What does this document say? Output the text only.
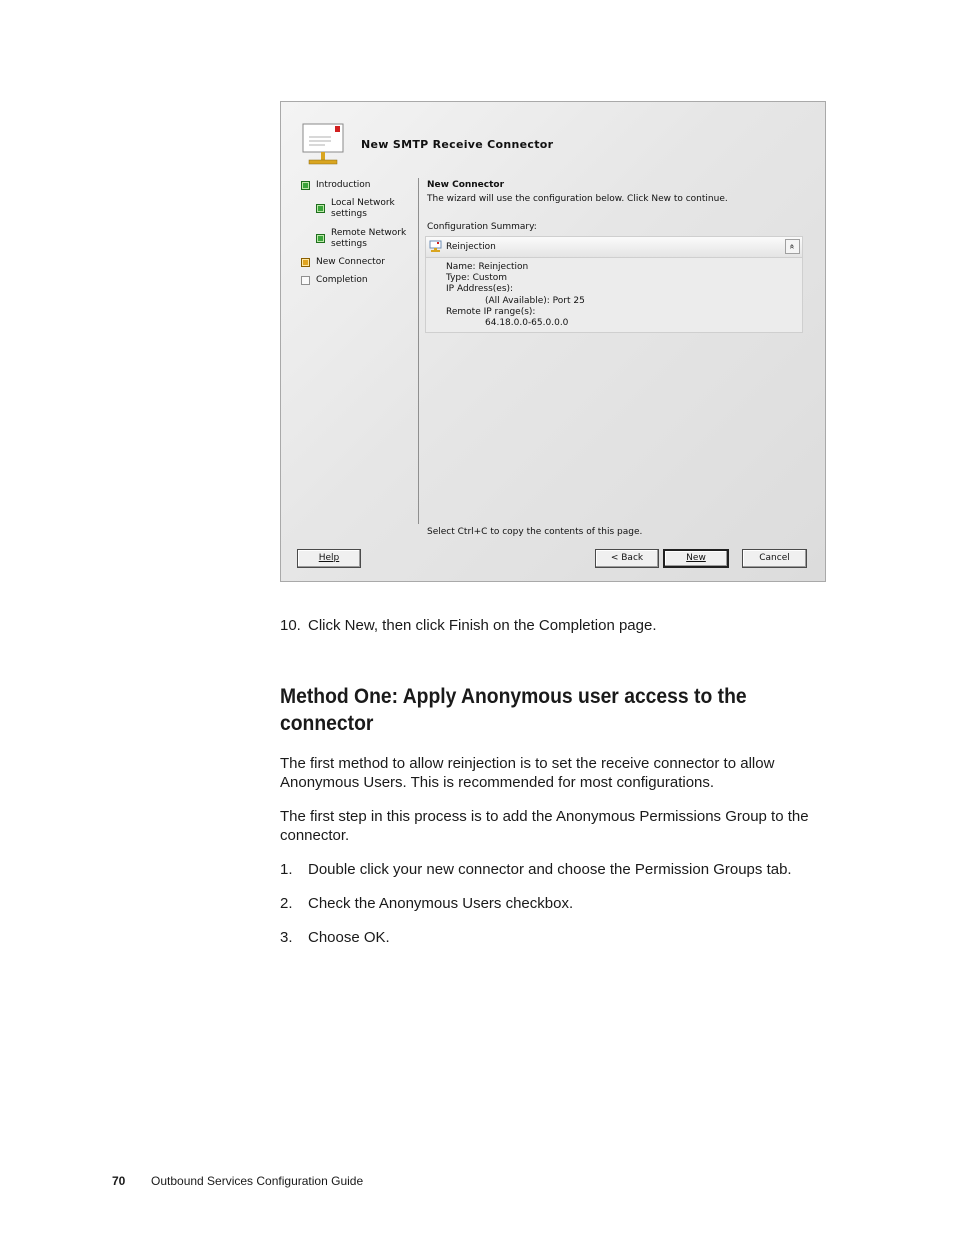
New SMTP Receive Connector
Introduction
Local Network
settings
Remote Network
settings
New Connector
Completion
New Connector
The wizard will use the configuration below. Click New to continue.
Configuration Summary:
Reinjection	»
Name: Reinjection
Type: Custom
IP Address(es):
(All Available): Port 25
Remote IP range(s):
64.18.0.0-65.0.0.0
Select Ctrl+C to copy the contents of this page.
Help	< Back	New	Cancel
10. Click New, then click Finish on the Completion page.
Method One: Apply Anonymous user access to the connector
The first method to allow reinjection is to set the receive connector to allow Anonymous Users. This is recommended for most configurations.
The first step in this process is to add the Anonymous Permissions Group to the connector.
1.	Double click your new connector and choose the Permission Groups tab.
2.	Check the Anonymous Users checkbox.
3.	Choose OK.
70	Outbound Services Configuration Guide
